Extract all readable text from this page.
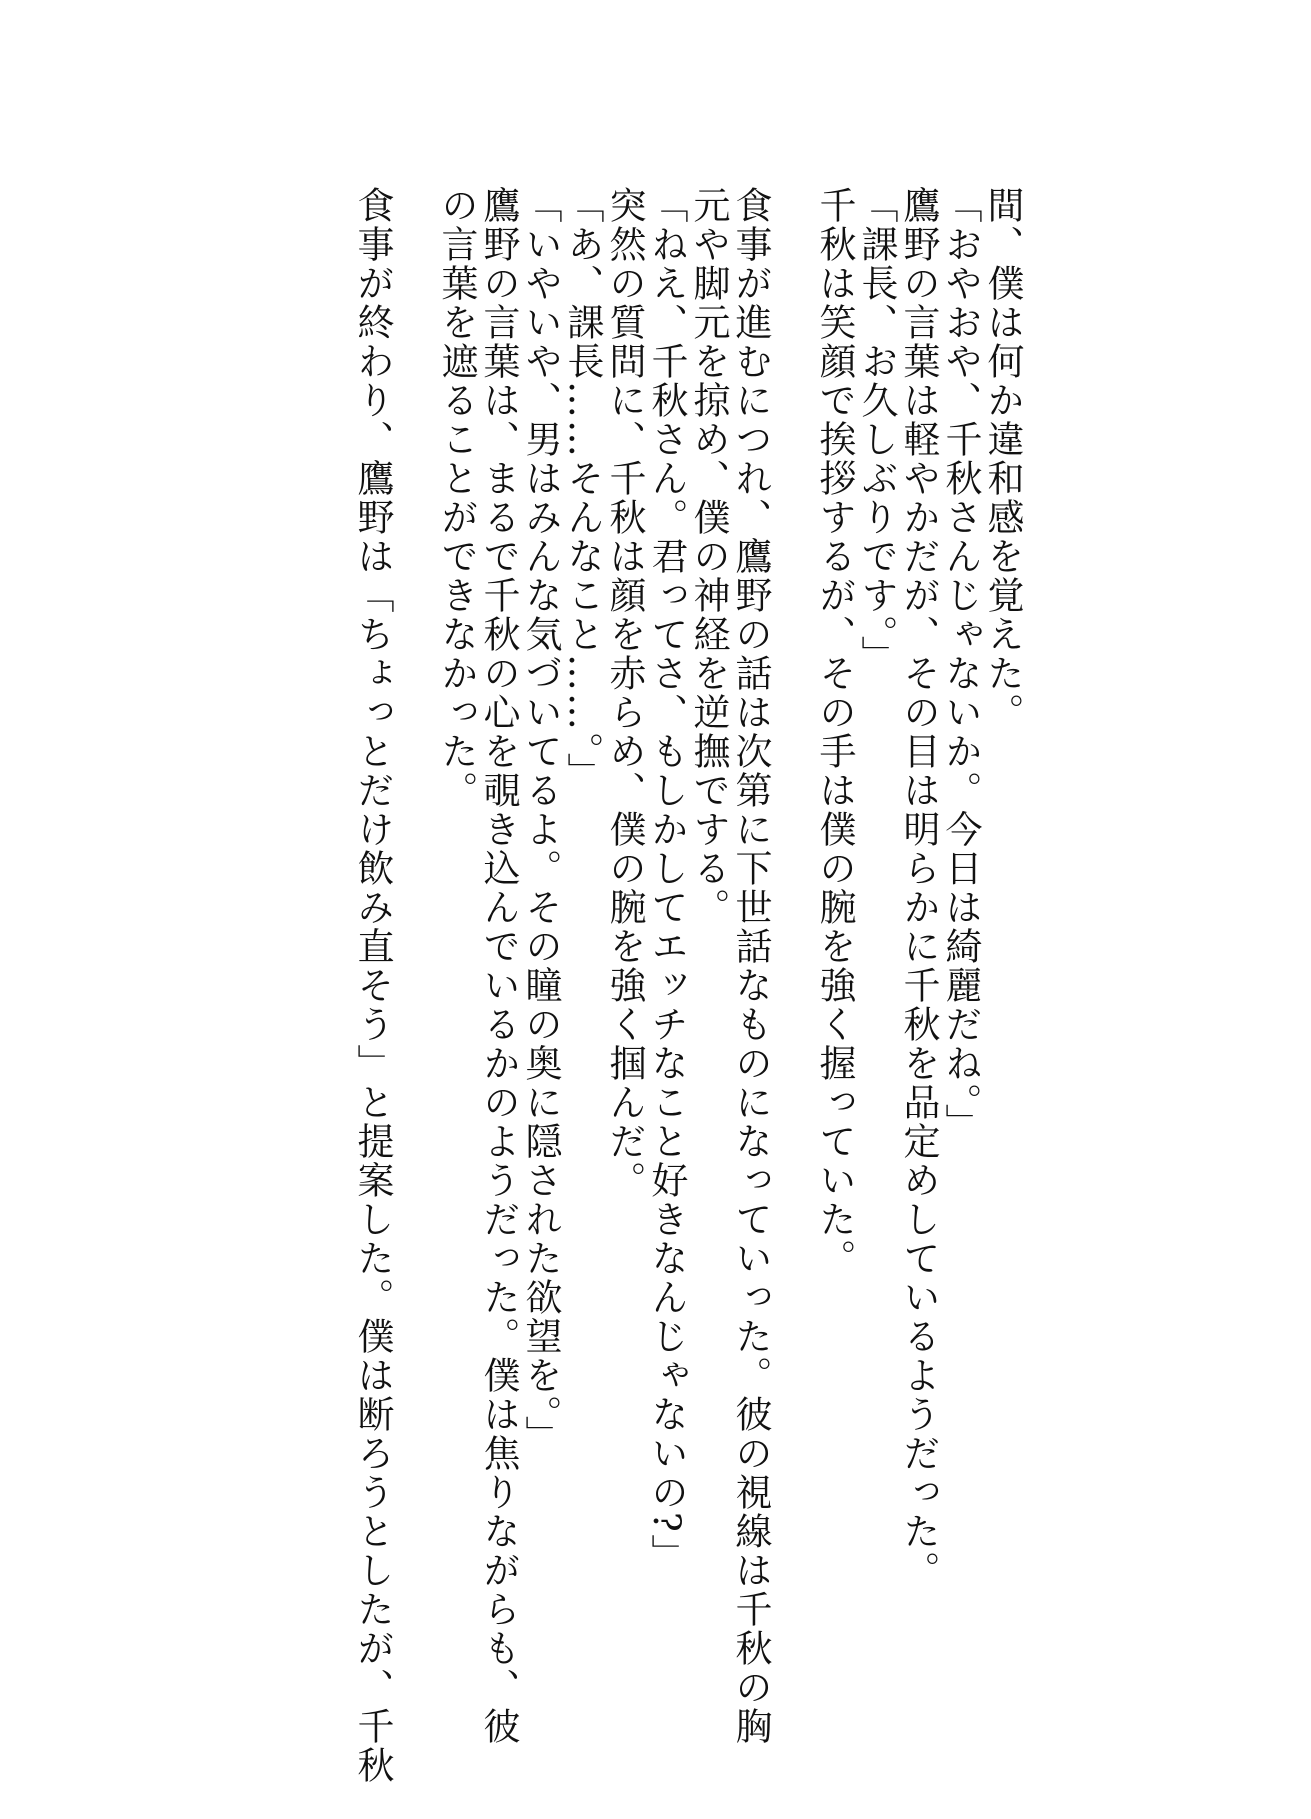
間、僕は何か違和感を覚えた。
「おやおや、千秋さんじゃないか。今日は綺麗だね。」
鷹野の言葉は軽やかだが、その目は明らかに千秋を品定めしているようだった。
「課長、お久しぶりです。」
千秋は笑顔で挨拶するが、その手は僕の腕を強く握っていた。
食事が進むにつれ、鷹野の話は次第に下世話なものになっていった。彼の視線は千秋の胸
元や脚元を掠め、僕の神経を逆撫でする。
「ねえ、千秋さん。君ってさ、もしかしてエッチなこと好きなんじゃないの?」
突然の質問に、千秋は顔を赤らめ、僕の腕を強く掴んだ。
「あ、課長……そんなこと……。」
「いやいや、男はみんな気づいてるよ。その瞳の奥に隠された欲望を。」
鷹野の言葉は、まるで千秋の心を覗き込んでいるかのようだった。僕は焦りながらも、彼
の言葉を遮ることができなかった。
食事が終わり、鷹野は「ちょっとだけ飲み直そう」と提案した。僕は断ろうとしたが、千秋
